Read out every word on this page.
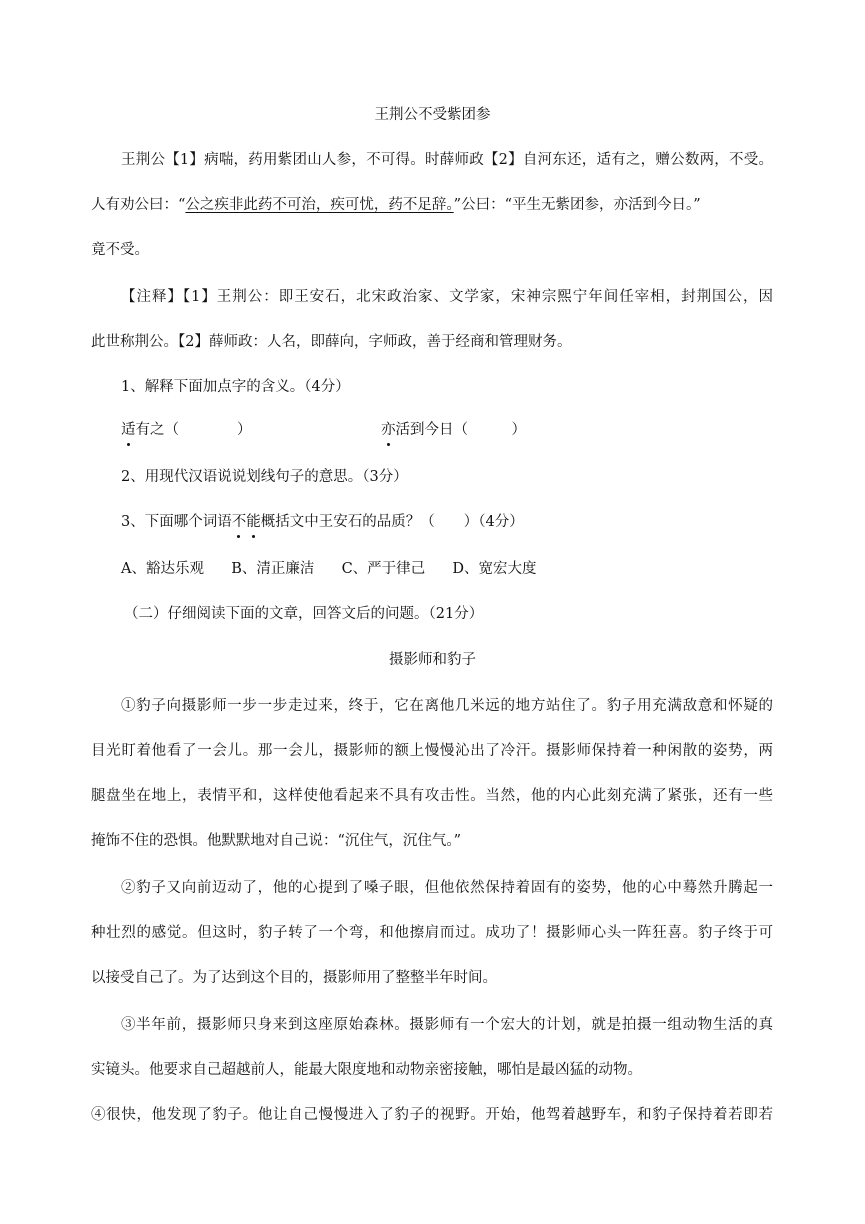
王荆公不受紫团参
王荆公【1】病喘，药用紫团山人参，不可得。时薛师政【2】自河东还，适有之，赠公数两，不受。
人有劝公曰：“公之疾非此药不可治，疾可忧，药不足辞。”公曰：“平生无紫团参，亦活到今日。”
竟不受。
【注释】【1】王荆公：即王安石，北宋政治家、文学家，宋神宗熙宁年间任宰相，封荆国公，因
此世称荆公。【2】薛师政：人名，即薛向，字师政，善于经商和管理财务。
1、解释下面加点字的含义。（4分）
适有之（　　　　）	亦活到今日（　　　）
2、用现代汉语说说划线句子的意思。（3分）
3、下面哪个词语不能概括文中王安石的品质？（　　）（4分）
A、豁达乐观 B、清正廉洁 C、严于律己 D、宽宏大度
（二）仔细阅读下面的文章，回答文后的问题。（21分）
摄影师和豹子
①豹子向摄影师一步一步走过来，终于，它在离他几米远的地方站住了。豹子用充满敌意和怀疑的
目光盯着他看了一会儿。那一会儿，摄影师的额上慢慢沁出了冷汗。摄影师保持着一种闲散的姿势，两
腿盘坐在地上，表情平和，这样使他看起来不具有攻击性。当然，他的内心此刻充满了紧张，还有一些
掩饰不住的恐惧。他默默地对自己说：“沉住气，沉住气。”
②豹子又向前迈动了，他的心提到了嗓子眼，但他依然保持着固有的姿势，他的心中蓦然升腾起一
种壮烈的感觉。但这时，豹子转了一个弯，和他擦肩而过。成功了！摄影师心头一阵狂喜。豹子终于可
以接受自己了。为了达到这个目的，摄影师用了整整半年时间。
③半年前，摄影师只身来到这座原始森林。摄影师有一个宏大的计划，就是拍摄一组动物生活的真
实镜头。他要求自己超越前人，能最大限度地和动物亲密接触，哪怕是最凶猛的动物。
④很快，他发现了豹子。他让自己慢慢进入了豹子的视野。开始，他驾着越野车，和豹子保持着若即若
